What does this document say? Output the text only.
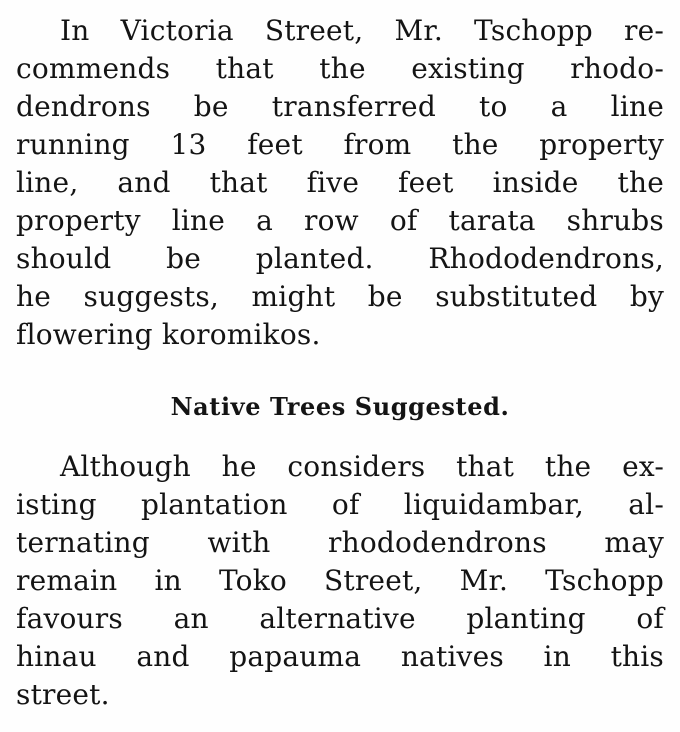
In Victoria Street, Mr. Tschopp re-
commends that the existing rhodo-
dendrons be transferred to a line
running 13 feet from the property
line, and that five feet inside the
property line a row of tarata shrubs
should be planted. Rhododendrons,
he suggests, might be substituted by
flowering koromikos.
Native Trees Suggested.
Although he considers that the ex-
isting plantation of liquidambar, al-
ternating with rhododendrons may
remain in Toko Street, Mr. Tschopp
favours an alternative planting of
hinau and papauma natives in this
street.
